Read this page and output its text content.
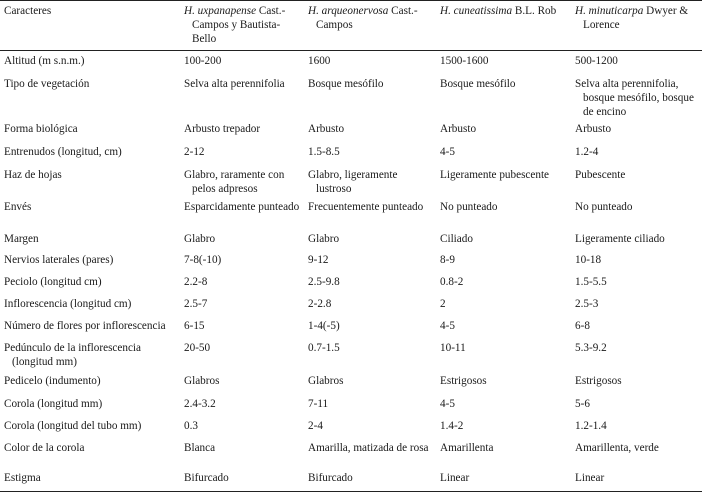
Caracteres	H. uxpanapense Cast.-Campos y Bautista-Bello	H. arqueonervosa Cast.-Campos	H. cuneatissima B.L. Rob	H. minuticarpa Dwyer & Lorence
Altitud (m s.n.m.)	100-200	1600	1500-1600	500-1200
Tipo de vegetación	Selva alta perennifolia	Bosque mesófilo	Bosque mesófilo	Selva alta perennifolia, bosque mesófilo, bosque de encino
Forma biológica	Arbusto trepador	Arbusto	Arbusto	Arbusto
Entrenudos (longitud, cm)	2-12	1.5-8.5	4-5	1.2-4
Haz de hojas	Glabro, raramente con pelos adpresos	Glabro, ligeramente lustroso	Ligeramente pubescente	Pubescente
Envés	Esparcidamente punteado	Frecuentemente punteado	No punteado	No punteado
Margen	Glabro	Glabro	Ciliado	Ligeramente ciliado
Nervios laterales (pares)	7-8(-10)	9-12	8-9	10-18
Peciolo (longitud cm)	2.2-8	2.5-9.8	0.8-2	1.5-5.5
Inflorescencia (longitud cm)	2.5-7	2-2.8	2	2.5-3
Número de flores por inflorescencia	6-15	1-4(-5)	4-5	6-8
Pedúnculo de la inflorescencia (longitud mm)	20-50	0.7-1.5	10-11	5.3-9.2
Pedicelo (indumento)	Glabros	Glabros	Estrigosos	Estrigosos
Corola (longitud mm)	2.4-3.2	7-11	4-5	5-6
Corola (longitud del tubo mm)	0.3	2-4	1.4-2	1.2-1.4
Color de la corola	Blanca	Amarilla, matizada de rosa	Amarillenta	Amarillenta, verde
Estigma	Bifurcado	Bifurcado	Linear	Linear
